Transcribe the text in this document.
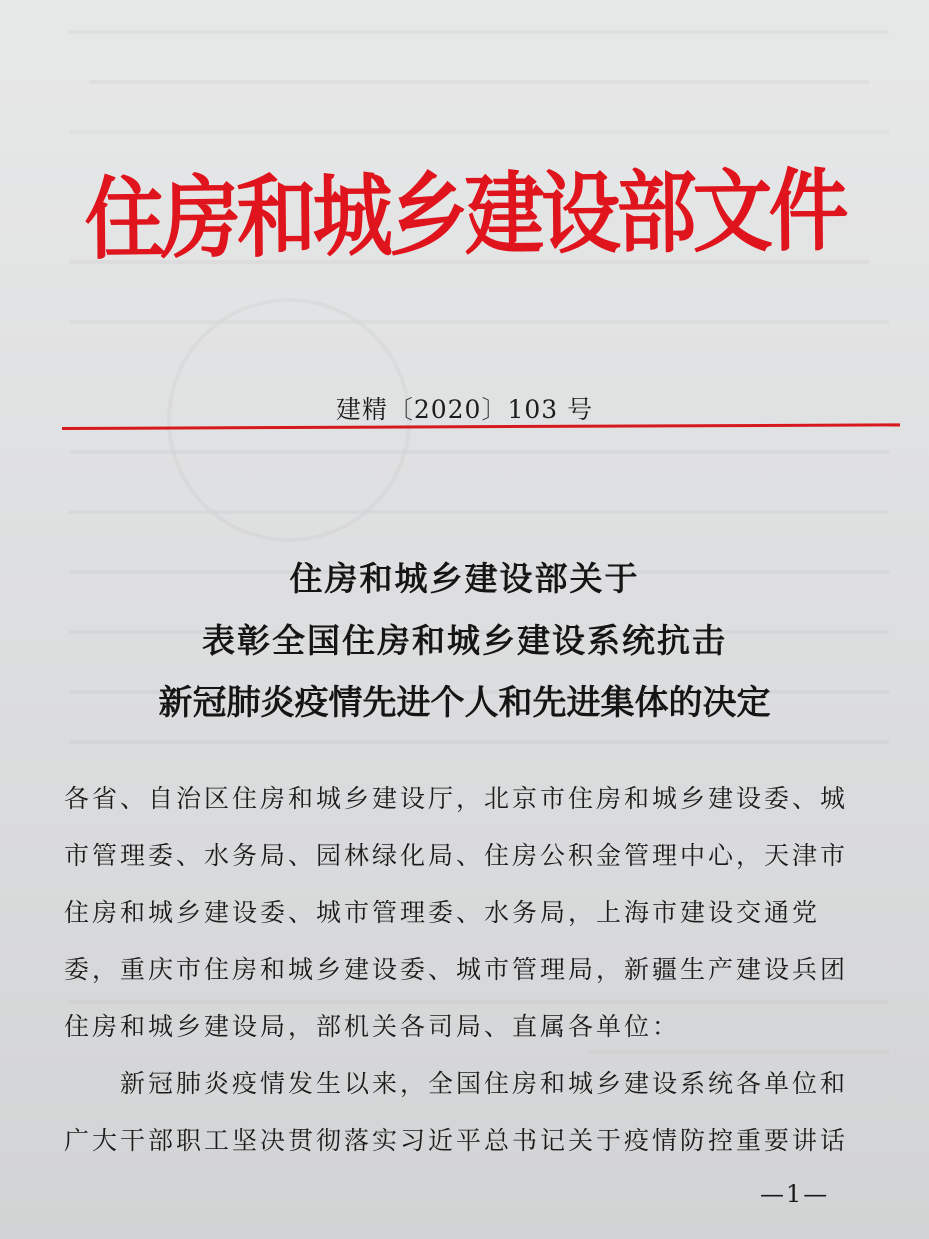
住房和城乡建设部文件
建精〔2020〕103 号
住房和城乡建设部关于
表彰全国住房和城乡建设系统抗击
新冠肺炎疫情先进个人和先进集体的决定
各省、自治区住房和城乡建设厅，北京市住房和城乡建设委、城
市管理委、水务局、园林绿化局、住房公积金管理中心，天津市
住房和城乡建设委、城市管理委、水务局，上海市建设交通党
委，重庆市住房和城乡建设委、城市管理局，新疆生产建设兵团
住房和城乡建设局，部机关各司局、直属各单位：
新冠肺炎疫情发生以来，全国住房和城乡建设系统各单位和
广大干部职工坚决贯彻落实习近平总书记关于疫情防控重要讲话
—1—
